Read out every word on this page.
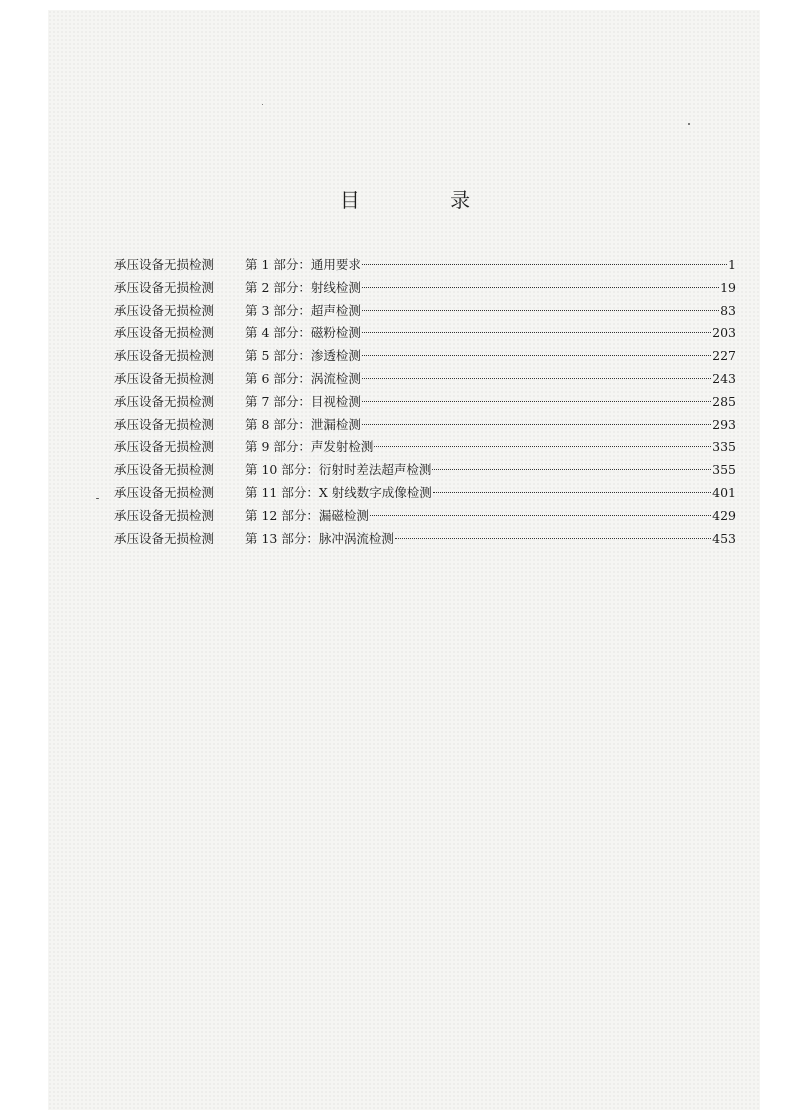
目 录
承压设备无损检测	第 1 部分： 通用要求	1
承压设备无损检测	第 2 部分： 射线检测	19
承压设备无损检测	第 3 部分： 超声检测	83
承压设备无损检测	第 4 部分： 磁粉检测	203
承压设备无损检测	第 5 部分： 渗透检测	227
承压设备无损检测	第 6 部分： 涡流检测	243
承压设备无损检测	第 7 部分： 目视检测	285
承压设备无损检测	第 8 部分： 泄漏检测	293
承压设备无损检测	第 9 部分： 声发射检测	335
承压设备无损检测	第 10 部分： 衍射时差法超声检测	355
承压设备无损检测	第 11 部分： X 射线数字成像检测	401
承压设备无损检测	第 12 部分： 漏磁检测	429
承压设备无损检测	第 13 部分： 脉冲涡流检测	453
